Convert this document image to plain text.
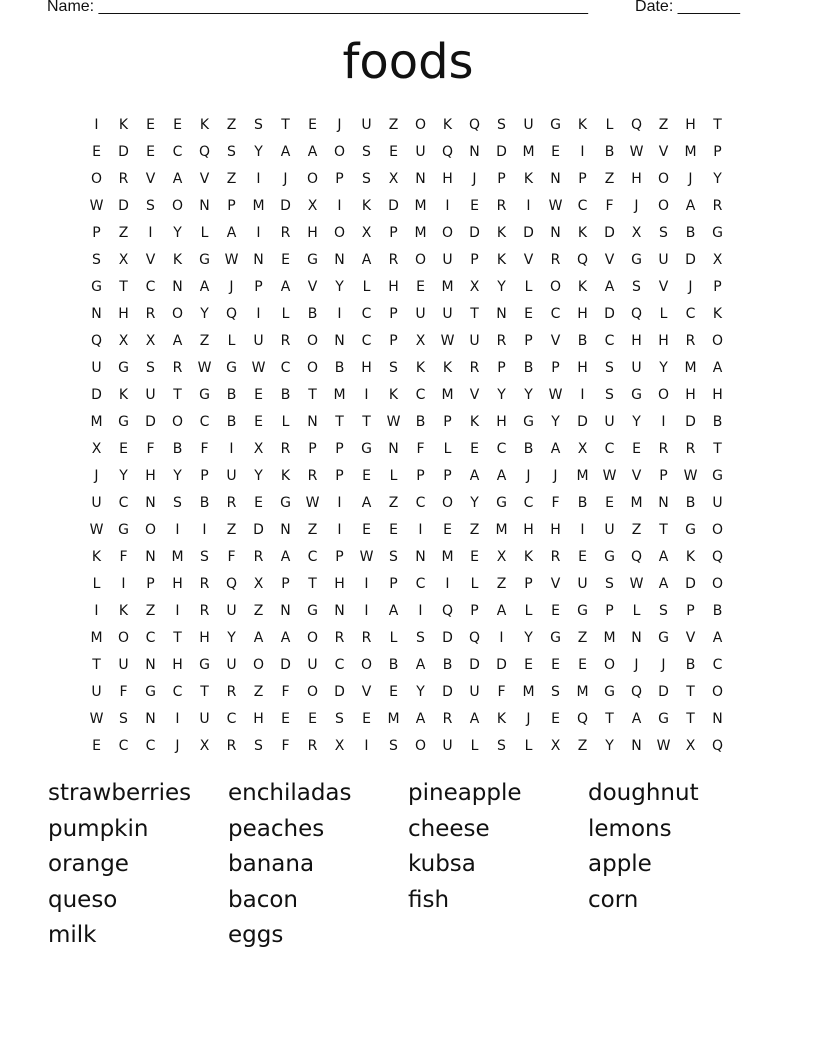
Name: _______________________________________________________	Date: _______
foods
I	K	E	E	K	Z	S	T	E	J	U	Z	O	K	Q	S	U	G	K	L	Q	Z	H	T
E	D	E	C	Q	S	Y	A	A	O	S	E	U	Q	N	D	M	E	I	B	W	V	M	P
O	R	V	A	V	Z	I	J	O	P	S	X	N	H	J	P	K	N	P	Z	H	O	J	Y
W	D	S	O	N	P	M	D	X	I	K	D	M	I	E	R	I	W	C	F	J	O	A	R
P	Z	I	Y	L	A	I	R	H	O	X	P	M	O	D	K	D	N	K	D	X	S	B	G
S	X	V	K	G	W	N	E	G	N	A	R	O	U	P	K	V	R	Q	V	G	U	D	X
G	T	C	N	A	J	P	A	V	Y	L	H	E	M	X	Y	L	O	K	A	S	V	J	P
N	H	R	O	Y	Q	I	L	B	I	C	P	U	U	T	N	E	C	H	D	Q	L	C	K
Q	X	X	A	Z	L	U	R	O	N	C	P	X	W	U	R	P	V	B	C	H	H	R	O
U	G	S	R	W	G	W	C	O	B	H	S	K	K	R	P	B	P	H	S	U	Y	M	A
D	K	U	T	G	B	E	B	T	M	I	K	C	M	V	Y	Y	W	I	S	G	O	H	H
M	G	D	O	C	B	E	L	N	T	T	W	B	P	K	H	G	Y	D	U	Y	I	D	B
X	E	F	B	F	I	X	R	P	P	G	N	F	L	E	C	B	A	X	C	E	R	R	T
J	Y	H	Y	P	U	Y	K	R	P	E	L	P	P	A	A	J	J	M	W	V	P	W	G
U	C	N	S	B	R	E	G	W	I	A	Z	C	O	Y	G	C	F	B	E	M	N	B	U
W	G	O	I	I	Z	D	N	Z	I	E	E	I	E	Z	M	H	H	I	U	Z	T	G	O
K	F	N	M	S	F	R	A	C	P	W	S	N	M	E	X	K	R	E	G	Q	A	K	Q
L	I	P	H	R	Q	X	P	T	H	I	P	C	I	L	Z	P	V	U	S	W	A	D	O
I	K	Z	I	R	U	Z	N	G	N	I	A	I	Q	P	A	L	E	G	P	L	S	P	B
M	O	C	T	H	Y	A	A	O	R	R	L	S	D	Q	I	Y	G	Z	M	N	G	V	A
T	U	N	H	G	U	O	D	U	C	O	B	A	B	D	D	E	E	E	O	J	J	B	C
U	F	G	C	T	R	Z	F	O	D	V	E	Y	D	U	F	M	S	M	G	Q	D	T	O
W	S	N	I	U	C	H	E	E	S	E	M	A	R	A	K	J	E	Q	T	A	G	T	N
E	C	C	J	X	R	S	F	R	X	I	S	O	U	L	S	L	X	Z	Y	N	W	X	Q
strawberries	enchiladas	pineapple	doughnut
pumpkin	peaches	cheese	lemons
orange	banana	kubsa	apple
queso	bacon	fish	corn
milk	eggs
